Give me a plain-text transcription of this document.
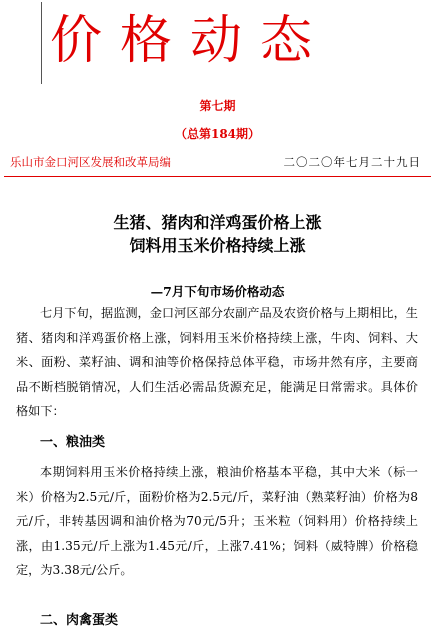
价格动态
第七期
（总第184期）
乐山市金口河区发展和改革局编	二〇二〇年七月二十九日
生猪、猪肉和洋鸡蛋价格上涨
饲料用玉米价格持续上涨
—7月下旬市场价格动态

七月下旬，据监测，金口河区部分农副产品及农资价格与上期相比，生猪、猪肉和洋鸡蛋价格上涨，饲料用玉米价格持续上涨，牛肉、饲料、大米、面粉、菜籽油、调和油等价格保持总体平稳，市场井然有序，主要商品不断档脱销情况，人们生活必需品货源充足，能满足日常需求。具体价格如下：

一、粮油类

本期饲料用玉米价格持续上涨，粮油价格基本平稳，其中大米（标一米）价格为2.5元/斤，面粉价格为2.5元/斤，菜籽油（熟菜籽油）价格为8元/斤，非转基因调和油价格为70元/5升；玉米粒（饲料用）价格持续上涨，由1.35元/斤上涨为1.45元/斤，上涨7.41%；饲料（威特牌）价格稳定，为3.38元/公斤。

二、肉禽蛋类
